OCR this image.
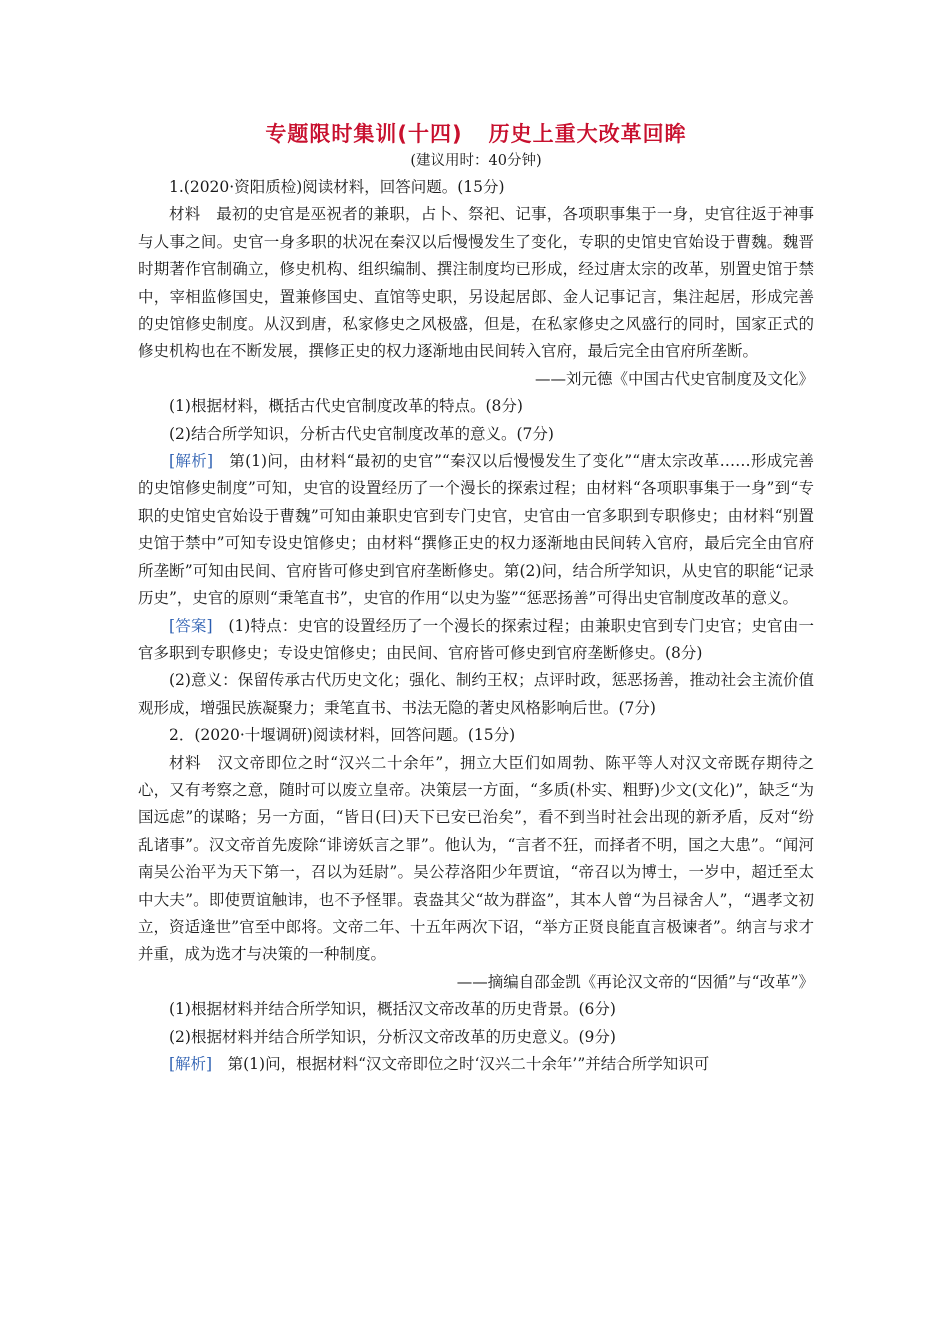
专题限时集训(十四) 历史上重大改革回眸
(建议用时：40分钟)

1.(2020·资阳质检)阅读材料，回答问题。(15分)

材料　最初的史官是巫祝者的兼职，占卜、祭祀、记事，各项职事集于一身，史官往返于神事与人事之间。史官一身多职的状况在秦汉以后慢慢发生了变化，专职的史馆史官始设于曹魏。魏晋时期著作官制确立，修史机构、组织编制、撰注制度均已形成，经过唐太宗的改革，别置史馆于禁中，宰相监修国史，置兼修国史、直馆等史职，另设起居郎、金人记事记言，集注起居，形成完善的史馆修史制度。从汉到唐，私家修史之风极盛，但是，在私家修史之风盛行的同时，国家正式的修史机构也在不断发展，撰修正史的权力逐渐地由民间转入官府，最后完全由官府所垄断。

——刘元德《中国古代史官制度及文化》

(1)根据材料，概括古代史官制度改革的特点。(8分)

(2)结合所学知识，分析古代史官制度改革的意义。(7分)

[解析]　第(1)问，由材料“最初的史官”“秦汉以后慢慢发生了变化”“唐太宗改革……形成完善的史馆修史制度”可知，史官的设置经历了一个漫长的探索过程；由材料“各项职事集于一身”到“专职的史馆史官始设于曹魏”可知由兼职史官到专门史官，史官由一官多职到专职修史；由材料“别置史馆于禁中”可知专设史馆修史；由材料“撰修正史的权力逐渐地由民间转入官府，最后完全由官府所垄断”可知由民间、官府皆可修史到官府垄断修史。第(2)问，结合所学知识，从史官的职能“记录历史”，史官的原则“秉笔直书”，史官的作用“以史为鉴”“惩恶扬善”可得出史官制度改革的意义。

[答案]　(1)特点：史官的设置经历了一个漫长的探索过程；由兼职史官到专门史官；史官由一官多职到专职修史；专设史馆修史；由民间、官府皆可修史到官府垄断修史。(8分)

(2)意义：保留传承古代历史文化；强化、制约王权；点评时政，惩恶扬善，推动社会主流价值观形成，增强民族凝聚力；秉笔直书、书法无隐的著史风格影响后世。(7分)

2．(2020·十堰调研)阅读材料，回答问题。(15分)

材料　汉文帝即位之时“汉兴二十余年”，拥立大臣们如周勃、陈平等人对汉文帝既存期待之心，又有考察之意，随时可以废立皇帝。决策层一方面，“多质(朴实、粗野)少文(文化)”，缺乏“为国远虑”的谋略；另一方面，“皆日(曰)天下已安已治矣”，看不到当时社会出现的新矛盾，反对“纷乱诸事”。汉文帝首先废除“诽谤妖言之罪”。他认为，“言者不狂，而择者不明，国之大患”。“闻河南吴公治平为天下第一，召以为廷尉”。吴公荐洛阳少年贾谊，“帝召以为博士，一岁中，超迁至太中大夫”。即使贾谊触讳，也不予怪罪。袁盎其父“故为群盗”，其本人曾“为吕禄舍人”，“遇孝文初立，资适逢世”官至中郎将。文帝二年、十五年两次下诏，“举方正贤良能直言极谏者”。纳言与求才并重，成为选才与决策的一种制度。

——摘编自邵金凯《再论汉文帝的“因循”与“改革”》

(1)根据材料并结合所学知识，概括汉文帝改革的历史背景。(6分)

(2)根据材料并结合所学知识，分析汉文帝改革的历史意义。(9分)

[解析]　第(1)问，根据材料“汉文帝即位之时‘汉兴二十余年’”并结合所学知识可
